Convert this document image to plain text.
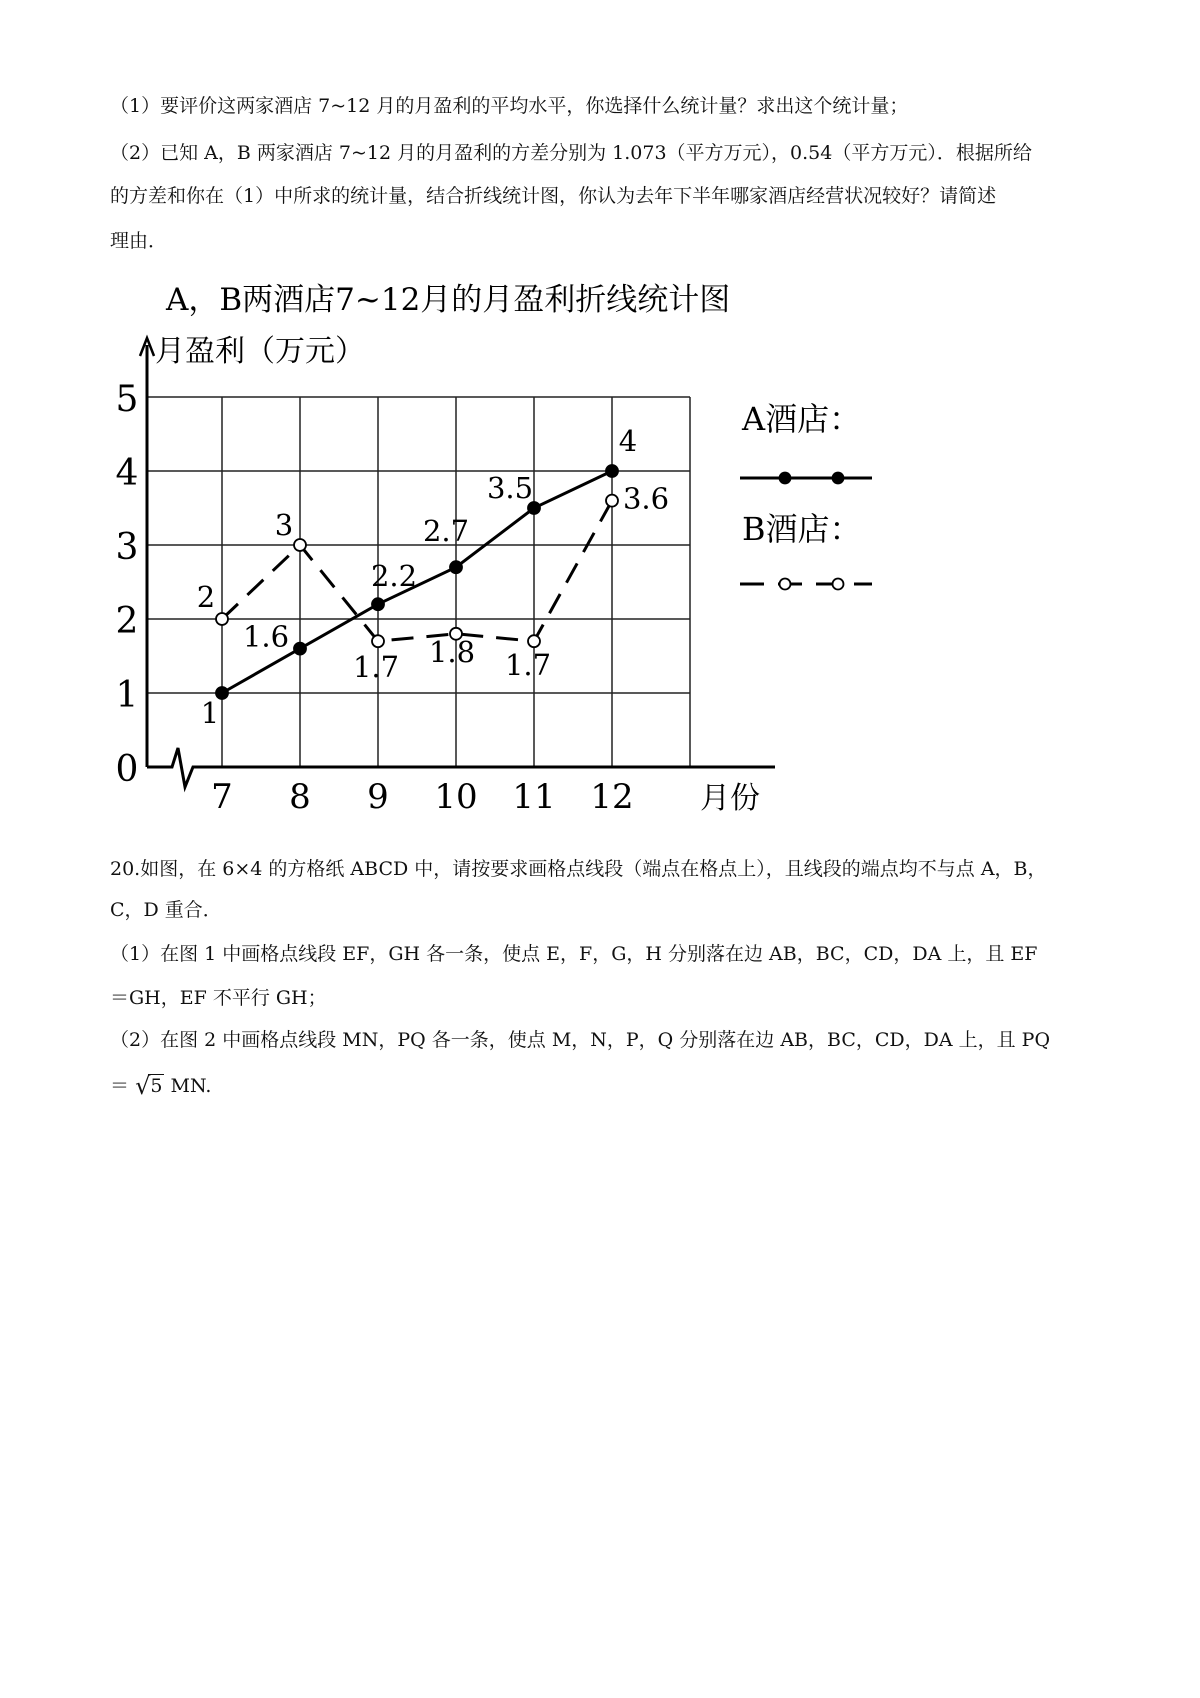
（1）要评价这两家酒店 7~12 月的月盈利的平均水平，你选择什么统计量？求出这个统计量；
（2）已知 A，B 两家酒店 7~12 月的月盈利的方差分别为 1.073（平方万元），0.54（平方万元）．根据所给
的方差和你在（1）中所求的统计量，结合折线统计图，你认为去年下半年哪家酒店经营状况较好？请简述
理由．
0
1
2
3
4
5
7 8 9 10 11 12
1
1.6
2.2
2.7
3.5
4
2
3
1.7 1.8 1.7
3.6
A酒店：
B酒店：
A，B两酒店7~12月的月盈利折线统计图
月盈利（万元）
月份
20.如图，在 6×4 的方格纸 ABCD 中，请按要求画格点线段（端点在格点上），且线段的端点均不与点 A，B，
C，D 重合．
（1）在图 1 中画格点线段 EF，GH 各一条，使点 E，F，G，H 分别落在边 AB，BC，CD，DA 上，且 EF
＝GH，EF 不平行 GH；
（2）在图 2 中画格点线段 MN，PQ 各一条，使点 M，N，P，Q 分别落在边 AB，BC，CD，DA 上，且 PQ
＝ √5 MN.
